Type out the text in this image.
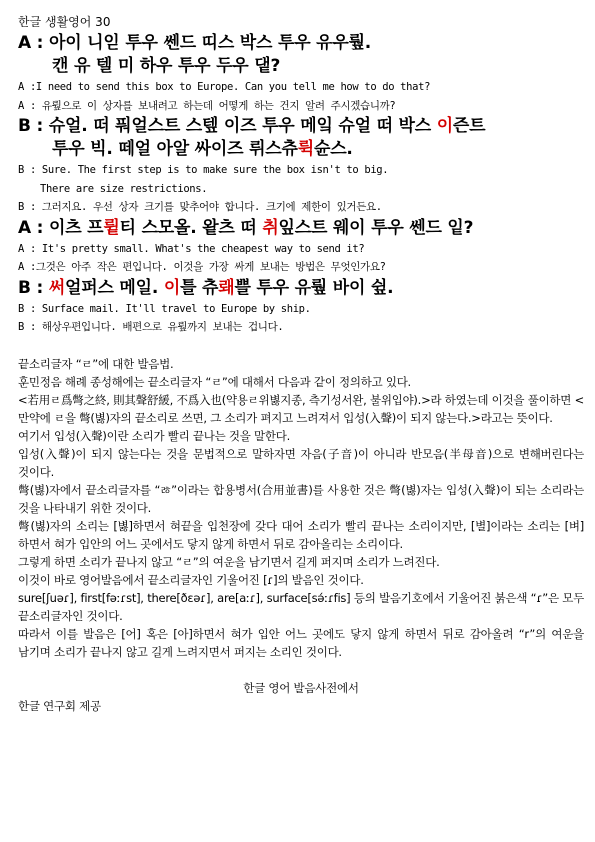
한글 생활영어 30
A : 아이 니읻 투우 쎈드 띠스 박스 투우 유우뤞.
캔 유 텔 미 하우 투우 두우 댙?
A :I need to send this box to Europe. Can you tell me how to do that?
A : 유뤞으로 이 상자를 보내려고 하는데 어떻게 하는 건지 알려 주시겠습니까?
B : 슈얼. 떠 풔얼스트 스텦 이즈 투우 메잌 슈얼 떠 박스 이즌트
투우 빅. 떼얼 아알 싸이즈 뤼스츄뤽슌스.
B : Sure. The first step is to make sure the box isn't to big.
There are size restrictions.
B : 그러지요. 우선 상자 크기를 맞추어야 합니다. 크기에 제한이 있거든요.
A : 이츠 프륕티 스모올. 왙츠 떠 취잎스트 웨이 투우 쎈드 잍?
A : It's pretty small. What's the cheapest way to send it?
A :그것은 아주 작은 편입니다. 이것을 가장 싸게 보내는 방법은 무엇인가요?
B : 써얼퍼스 메일. 이틀 츄뢔쁠 투우 유뤞 바이 슆.
B : Surface mail. It'll travel to Europe by ship.
B : 해상우편입니다. 배편으로 유뤞까지 보내는 겁니다.

끝소리글자 “ㄹ”에 대한 발음법.

훈민정음 해례 종성해에는 끝소리글자 “ㄹ”에 대해서 다음과 같이 정의하고 있다.

<若用ㄹ爲彆之終, 則其聲舒緩, 不爲入也(약용ㄹ위볋지종, 측기성서완, 불위입야).>라 하였는데 이것을 풀이하면 <만약에 ㄹ을 彆(볋)자의 끝소리로 쓰면, 그 소리가 펴지고 느려져서 입성(入聲)이 되지 않는다.>라고는 뜻이다.

여기서 입성(入聲)이란 소리가 빨리 끝나는 것을 말한다.

입성(入聲)이 되지 않는다는 것을 문법적으로 말하자면 자음(子音)이 아니라 반모음(半母音)으로 변해버린다는 것이다.

彆(볋)자에서 끝소리글자를 “ㅀ”이라는 합용병서(合用並書)를 사용한 것은 彆(볋)자는 입성(入聲)이 되는 소리라는 것을 나타내기 위한 것이다.

彆(볋)자의 소리는 [볋]하면서 혀끝을 입천장에 갖다 대어 소리가 빨리 끝나는 소리이지만, [별]이라는 소리는 [벼]하면서 혀가 입안의 어느 곳에서도 닿지 않게 하면서 뒤로 감아올리는 소리이다.

그렇게 하면 소리가 끝나지 않고 “ㄹ”의 여운을 남기면서 길게 퍼지며 소리가 느려진다.

이것이 바로 영어발음에서 끝소리글자인 기울어진 [ɾ]의 발음인 것이다.

sure[ʃuəɾ], first[fəːɾst], there[ðɛəɾ], are[aːɾ], surface[sə́ːɾfis] 등의 발음기호에서 기울어진 붉은색 “ɾ”은 모두 끝소리글자인 것이다.

따라서 이를 발음은 [어] 혹은 [아]하면서 혀가 입안 어느 곳에도 닿지 않게 하면서 뒤로 감아올려 “r”의 여운을 남기며 소리가 끝나지 않고 길게 느려지면서 퍼지는 소리인 것이다.

한글 영어 발음사전에서

한글 연구회 제공
